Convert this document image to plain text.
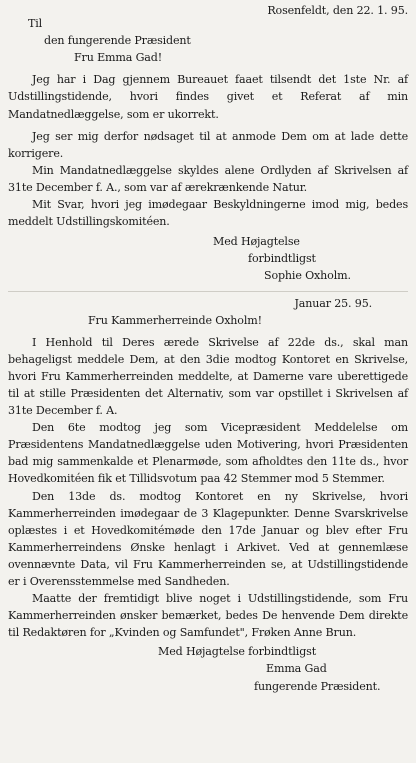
Rosenfeldt, den 22. 1. 95.
Til
den fungerende Præsident
Fru Emma Gad!

Jeg har i Dag gjennem Bureauet faaet tilsendt det 1ste Nr. af Udstillingstidende, hvori findes givet et Referat af min Mandatnedlæggelse, som er ukorrekt.

Jeg ser mig derfor nødsaget til at anmode Dem om at lade dette korrigere.

Min Mandatnedlæggelse skyldes alene Ordlyden af Skrivelsen af 31te December f. A., som var af ærekrænkende Natur.

Mit Svar, hvori jeg imødegaar Beskyldningerne imod mig, bedes meddelt Udstillingskomitéen.

Med Højagtelse
forbindtligst
Sophie Oxholm.
Januar 25. 95.
Fru Kammerherreinde Oxholm!

I Henhold til Deres ærede Skrivelse af 22de ds., skal man behageligst meddele Dem, at den 3die modtog Kontoret en Skrivelse, hvori Fru Kammerherreinden meddelte, at Damerne vare uberettigede til at stille Præsidenten det Alternativ, som var opstillet i Skrivelsen af 31te December f. A.

Den 6te modtog jeg som Vicepræsident Meddelelse om Præsidentens Mandatnedlæggelse uden Motivering, hvori Præsidenten bad mig sammenkalde et Plenarmøde, som afholdtes den 11te ds., hvor Hovedkomitéen fik et Tillidsvotum paa 42 Stemmer mod 5 Stemmer.

Den 13de ds. modtog Kontoret en ny Skrivelse, hvori Kammerherreinden imødegaar de 3 Klagepunkter. Denne Svarskrivelse oplæstes i et Hovedkomitémøde den 17de Januar og blev efter Fru Kammerherreindens Ønske henlagt i Arkivet. Ved at gennemlæse ovennævnte Data, vil Fru Kammerherreinden se, at Udstillingstidende er i Overensstemmelse med Sandheden.

Maatte der fremtidigt blive noget i Udstillingstidende, som Fru Kammerherreinden ønsker bemærket, bedes De henvende Dem direkte til Redaktøren for „Kvinden og Samfundet", Frøken Anne Brun.

Med Højagtelse forbindtligst
Emma Gad
fungerende Præsident.
